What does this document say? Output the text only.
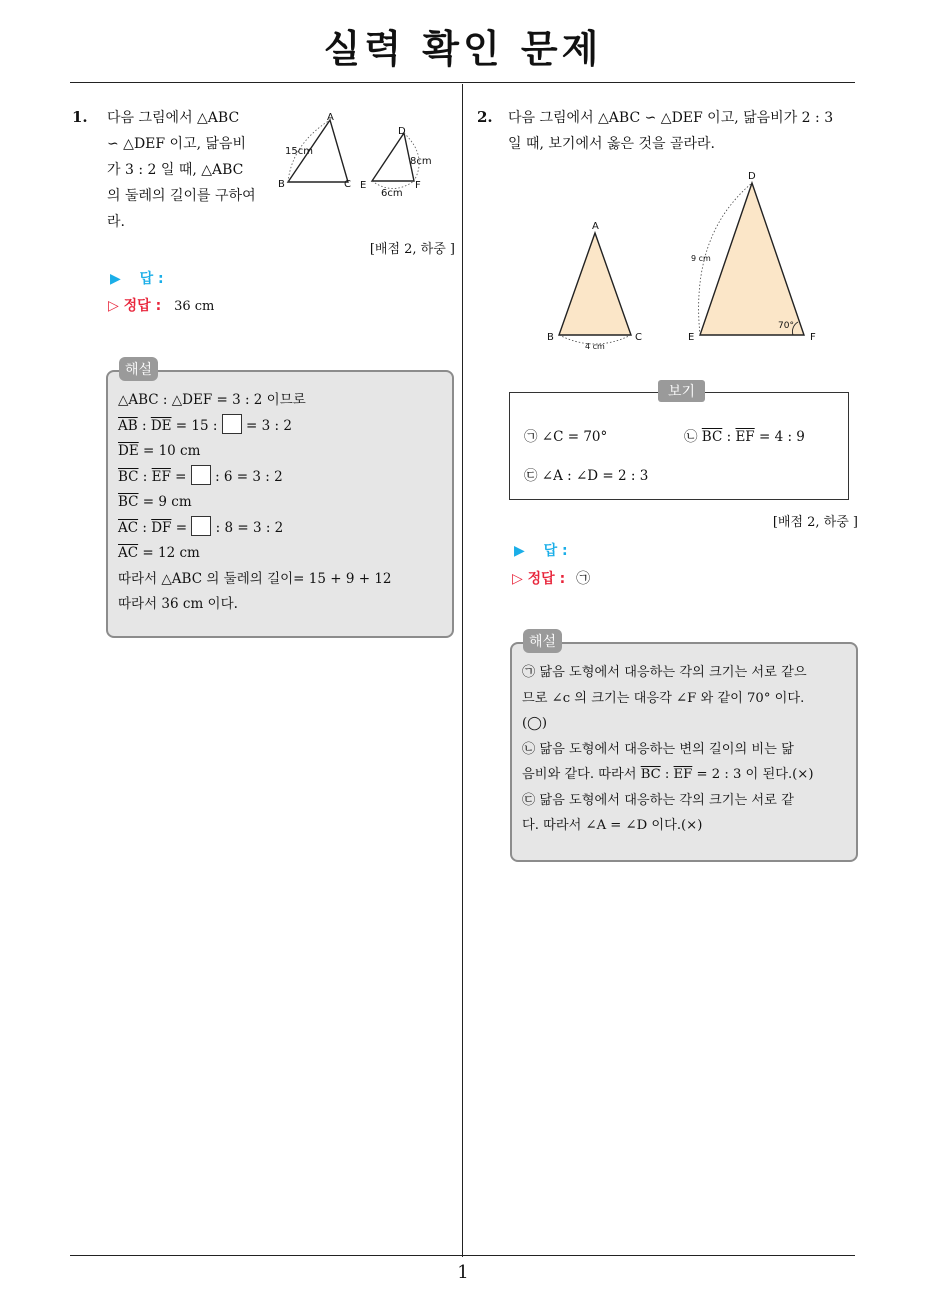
실력 확인 문제
1
1. 다음 그림에서 △ABC
∽ △DEF 이고, 닮음비
가 3 : 2 일 때, △ABC
의 둘레의 길이를 구하여
라.
A
B	C
D
E	F
15cm
8cm
6cm
[배점 2, 하중 ]
▶ 답 :
▷ 정답 : 36 cm
해설
△ABC : △DEF = 3 : 2 이므로
$\overline{AB}$ : $\overline{DE} = 15$ :  = 3 : 2
$\overline{DE} = 10$ cm
$\overline{BC}$ : $\overline{EF}$ =  : 6 = 3 : 2
$\overline{BC} = 9$ cm
$\overline{AC}$ : $\overline{DF}$ =  : 8 = 3 : 2
$\overline{AC} = 12$ cm
따라서 △ABC 의 둘레의 길이= 15 + 9 + 12
따라서 36 cm 이다.
2. 다음 그림에서 △ABC ∽ △DEF 이고, 닮음비가 2 : 3
일 때, 보기에서 옳은 것을 골라라.
A
B	C
D
E	F
4 cm
9 cm
70°
보기
㉠ ∠C = 70°	㉡ $\overline{BC}$ : $\overline{EF} = 4$ : 9
㉢ ∠A : ∠D = 2 : 3
[배점 2, 하중 ]
▶ 답 :
▷ 정답 : ㉠
해설
㉠ 닮음 도형에서 대응하는 각의 크기는 서로 같으
므로 ∠c 의 크기는 대응각 ∠F 와 같이 70° 이다.
(◯)
㉡ 닮음 도형에서 대응하는 변의 길이의 비는 닮
음비와 같다. 따라서 $\overline{BC}$ : $\overline{EF} = 2$ : 3 이 된다.(×)
㉢ 닮음 도형에서 대응하는 각의 크기는 서로 같
다. 따라서 ∠A = ∠D 이다.(×)
